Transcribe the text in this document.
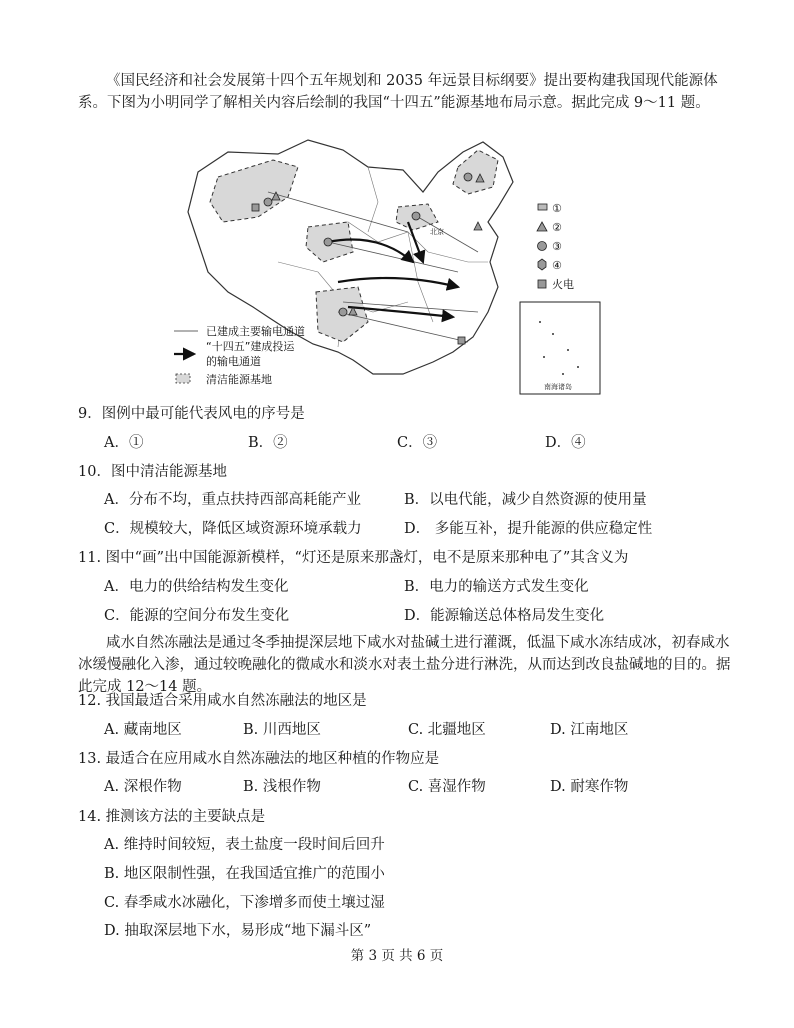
《国民经济和社会发展第十四个五年规划和 2035 年远景目标纲要》提出要构建我国现代能源体系。下图为小明同学了解相关内容后绘制的我国“十四五”能源基地布局示意。据此完成 9～11 题。
北京
①
②
③
④
火电
南海诸岛
已建成主要输电通道
“十四五”建成投运
的输电通道
清洁能源基地
9．图例中最可能代表风电的序号是
A．①	B．②	C．③	D．④
10．图中清洁能源基地
A．分布不均，重点扶持西部高耗能产业	B．以电代能，减少自然资源的使用量
C．规模较大，降低区域资源环境承载力	D． 多能互补，提升能源的供应稳定性
11. 图中“画”出中国能源新模样，“灯还是原来那盏灯，电不是原来那种电了”其含义为
A．电力的供给结构发生变化	B．电力的输送方式发生变化
C．能源的空间分布发生变化	D．能源输送总体格局发生变化
咸水自然冻融法是通过冬季抽提深层地下咸水对盐碱土进行灌溉，低温下咸水冻结成冰，初春咸水冰缓慢融化入渗，通过较晚融化的微咸水和淡水对表土盐分进行淋洗，从而达到改良盐碱地的目的。据此完成 12～14 题。
12. 我国最适合采用咸水自然冻融法的地区是
A. 藏南地区	B. 川西地区	C. 北疆地区	D. 江南地区
13. 最适合在应用咸水自然冻融法的地区种植的作物应是
A. 深根作物	B. 浅根作物	C. 喜湿作物	D. 耐寒作物
14. 推测该方法的主要缺点是
A. 维持时间较短，表土盐度一段时间后回升
B. 地区限制性强，在我国适宜推广的范围小
C. 春季咸水冰融化，下渗增多而使土壤过湿
D. 抽取深层地下水，易形成“地下漏斗区”
第 3 页 共 6 页
